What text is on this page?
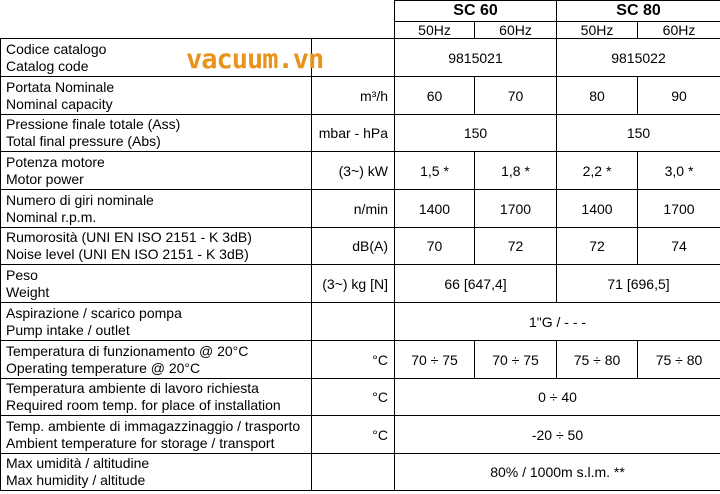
		SC 60		SC 80	
		50Hz	60Hz	50Hz	60Hz

Codice catalogo
Catalog code		9815021		9815022	

Portata Nominale
Nominal capacity	m³/h	60	70	80	90

Pressione finale totale (Ass)
Total final pressure (Abs)	mbar - hPa	150		150	

Potenza motore
Motor power	(3~) kW	1,5 *	1,8 *	2,2 *	3,0 *

Numero di giri nominale
Nominal r.p.m.	n/min	1400	1700	1400	1700

Rumorosità (UNI EN ISO 2151 - K 3dB)
Noise level (UNI EN ISO 2151 - K 3dB)	dB(A)	70	72	72	74

Peso
Weight	(3~) kg [N]	66 [647,4]		71 [696,5]	

Aspirazione / scarico pompa
Pump intake / outlet		1"G / - - -			

Temperatura di funzionamento @ 20°C
Operating temperature @ 20°C	°C	70 ÷ 75	70 ÷ 75	75 ÷ 80	75 ÷ 80

Temperatura ambiente di lavoro richiesta
Required room temp. for place of installation	°C	0 ÷ 40			

Temp. ambiente di immagazzinaggio / trasporto
Ambient temperature for storage / transport	°C	-20 ÷ 50			

Max umidità / altitudine
Max humidity / altitude		80% / 1000m s.l.m. **			
vacuum.vn
